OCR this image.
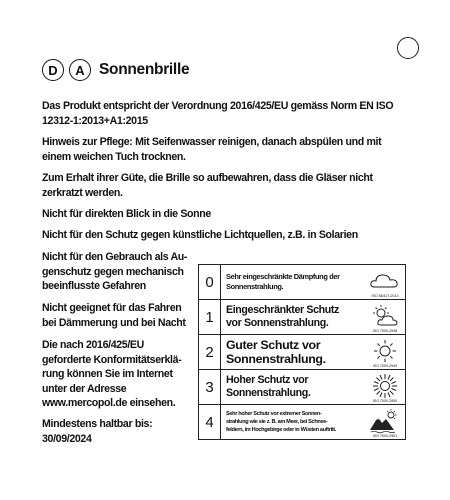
D	A Sonnenbrille
Das Produkt entspricht der Verordnung 2016/425/EU gemäss Norm EN ISO
12312-1:2013+A1:2015
Hinweis zur Pflege: Mit Seifenwasser reinigen, danach abspülen und mit
einem weichen Tuch trocknen.
Zum Erhalt ihrer Güte, die Brille so aufbewahren, dass die Gläser nicht
zerkratzt werden.
Nicht für direkten Blick in die Sonne
Nicht für den Schutz gegen künstliche Lichtquellen, z.B. in Solarien
Nicht für den Gebrauch als Au-
genschutz gegen mechanisch
beeinflusste Gefahren
Nicht geeignet für das Fahren
bei Dämmerung und bei Nacht
Die nach 2016/425/EU
geforderte Konformitätserklä-
rung können Sie im Internet
unter der Adresse
www.mercopol.de einsehen.
Mindestens haltbar bis:
30/09/2024
0	Sehr eingeschränkte Dämpfung der
Sonnenstrahlung.
ISO 8D417-2013
1	Eingeschränkter Schutz
vor Sonnenstrahlung.
ISO 7000-2948
2 Guter Schutz vor
Sonnenstrahlung.	ISO 7000-2949
3	Hoher Schutz vor
Sonnenstrahlung.
ISO 7000-2950
4	Sehr hoher Schutz vor extremer Sonnen-
strahlung wie sie z. B. am Meer, bei Schnee-
feldern, im Hochgebirge oder in Wüsten auftritt.
ISO 7000-2951
